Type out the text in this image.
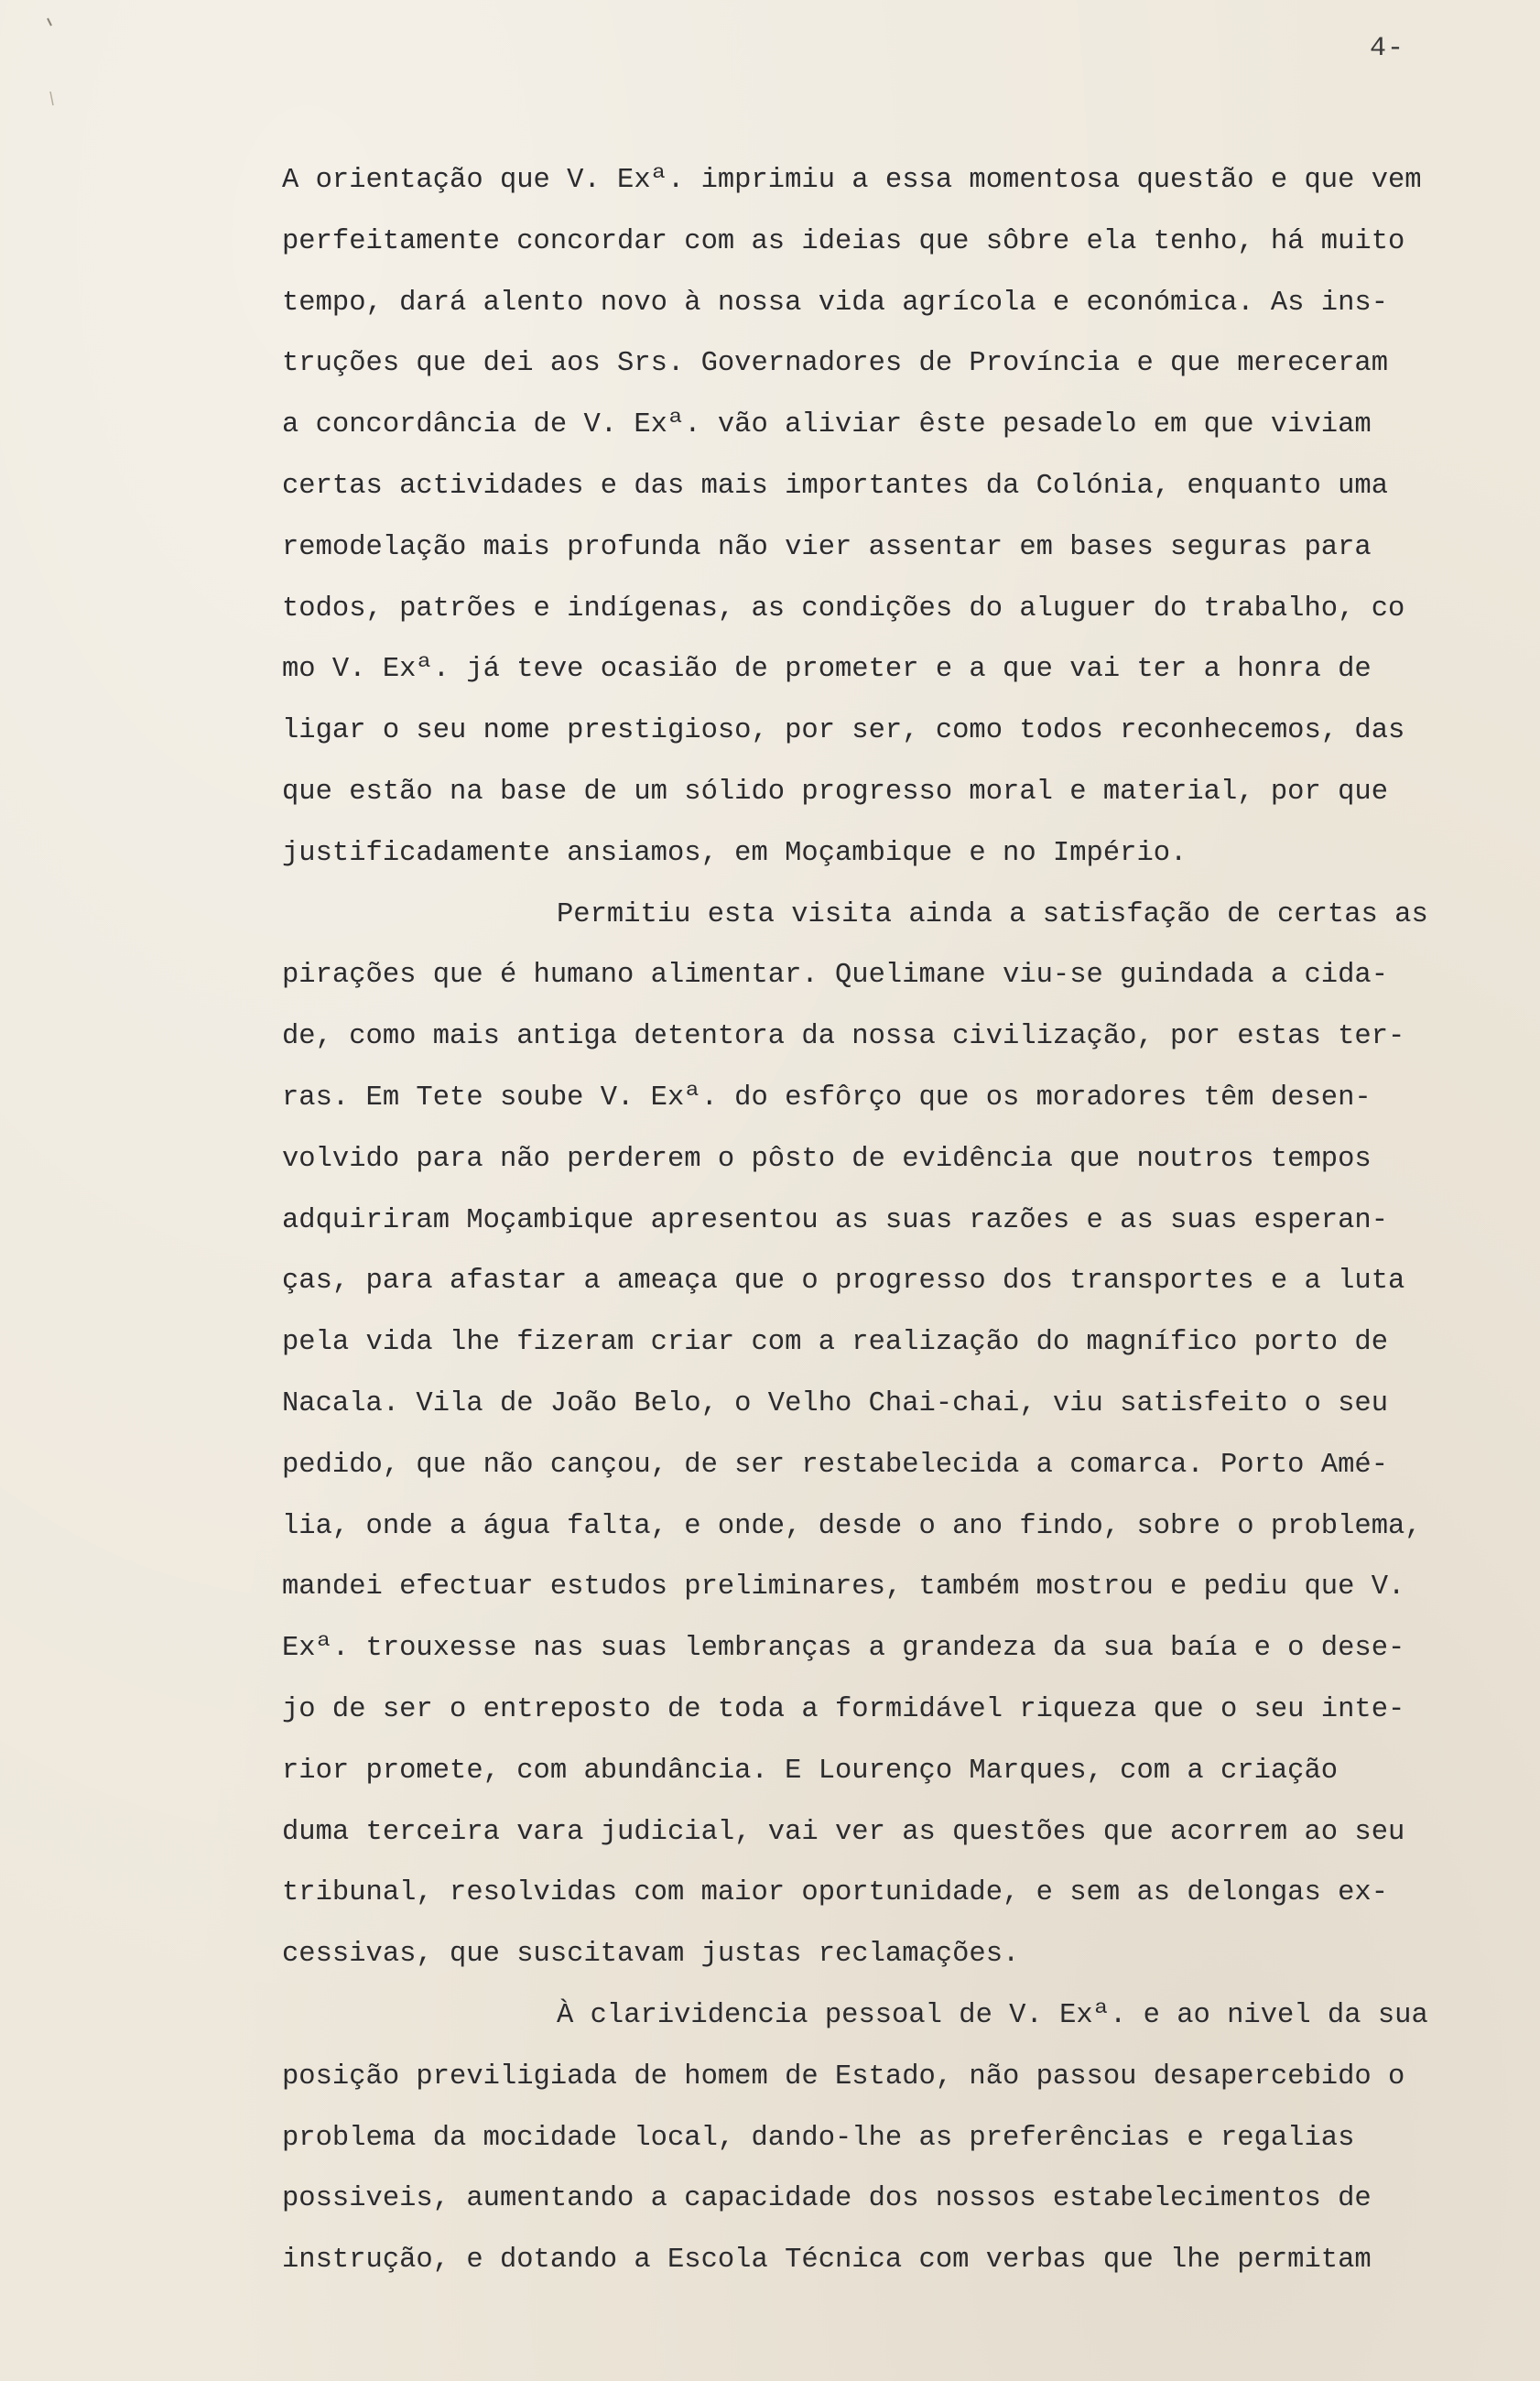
4-
A orientação que V. Exª. imprimiu a essa momentosa questão e que vem
perfeitamente concordar com as ideias que sôbre ela tenho, há muito
tempo, dará alento novo à nossa vida agrícola e económica. As ins-
truções que dei aos Srs. Governadores de Província e que mereceram
a concordância de V. Exª. vão aliviar êste pesadelo em que viviam
certas actividades e das mais importantes da Colónia, enquanto uma
remodelação mais profunda não vier assentar em bases seguras para
todos, patrões e indígenas, as condições do aluguer do trabalho, co
mo V. Exª. já teve ocasião de prometer e a que vai ter a honra de
ligar o seu nome prestigioso, por ser, como todos reconhecemos, das
que estão na base de um sólido progresso moral e material, por que
justificadamente ansiamos, em Moçambique e no Império.
Permitiu esta visita ainda a satisfação de certas as
pirações que é humano alimentar. Quelimane viu-se guindada a cida-
de, como mais antiga detentora da nossa civilização, por estas ter-
ras. Em Tete soube V. Exª. do esfôrço que os moradores têm desen-
volvido para não perderem o pôsto de evidência que noutros tempos
adquiriram Moçambique apresentou as suas razões e as suas esperan-
ças, para afastar a ameaça que o progresso dos transportes e a luta
pela vida lhe fizeram criar com a realização do magnífico porto de
Nacala. Vila de João Belo, o Velho Chai-chai, viu satisfeito o seu
pedido, que não cançou, de ser restabelecida a comarca. Porto Amé-
lia, onde a água falta, e onde, desde o ano findo, sobre o problema,
mandei efectuar estudos preliminares, também mostrou e pediu que V.
Exª. trouxesse nas suas lembranças a grandeza da sua baía e o dese-
jo de ser o entreposto de toda a formidável riqueza que o seu inte-
rior promete, com abundância. E Lourenço Marques, com a criação
duma terceira vara judicial, vai ver as questões que acorrem ao seu
tribunal, resolvidas com maior oportunidade, e sem as delongas ex-
cessivas, que suscitavam justas reclamações.
À clarividencia pessoal de V. Exª. e ao nivel da sua
posição previligiada de homem de Estado, não passou desapercebido o
problema da mocidade local, dando-lhe as preferências e regalias
possiveis, aumentando a capacidade dos nossos estabelecimentos de
instrução, e dotando a Escola Técnica com verbas que lhe permitam
